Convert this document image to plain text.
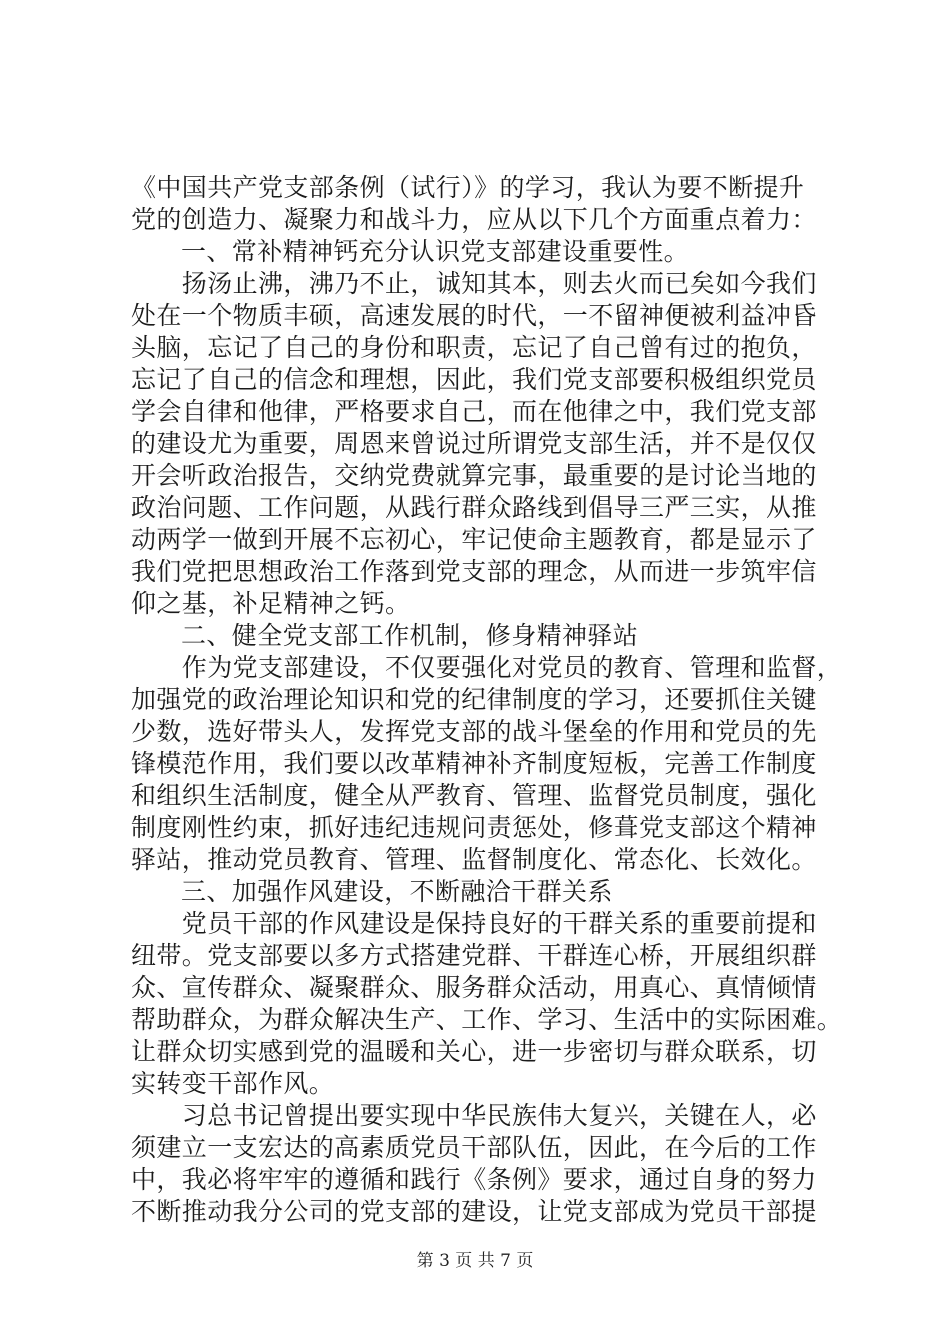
《中国共产党支部条例（试行）》的学习，我认为要不断提升
党的创造力、凝聚力和战斗力，应从以下几个方面重点着力：
一、常补精神钙充分认识党支部建设重要性。
　　扬汤止沸，沸乃不止，诚知其本，则去火而已矣如今我们
处在一个物质丰硕，高速发展的时代，一不留神便被利益冲昏
头脑，忘记了自己的身份和职责，忘记了自己曾有过的抱负，
忘记了自己的信念和理想，因此，我们党支部要积极组织党员
学会自律和他律，严格要求自己，而在他律之中，我们党支部
的建设尤为重要，周恩来曾说过所谓党支部生活，并不是仅仅
开会听政治报告，交纳党费就算完事，最重要的是讨论当地的
政治问题、工作问题，从践行群众路线到倡导三严三实，从推
动两学一做到开展不忘初心，牢记使命主题教育，都是显示了
我们党把思想政治工作落到党支部的理念，从而进一步筑牢信
仰之基，补足精神之钙。
二、健全党支部工作机制，修身精神驿站
　　作为党支部建设，不仅要强化对党员的教育、管理和监督，
加强党的政治理论知识和党的纪律制度的学习，还要抓住关键
少数，选好带头人，发挥党支部的战斗堡垒的作用和党员的先
锋模范作用，我们要以改革精神补齐制度短板，完善工作制度
和组织生活制度，健全从严教育、管理、监督党员制度，强化
制度刚性约束，抓好违纪违规问责惩处，修葺党支部这个精神
驿站，推动党员教育、管理、监督制度化、常态化、长效化。
三、加强作风建设，不断融洽干群关系
　　党员干部的作风建设是保持良好的干群关系的重要前提和
纽带。党支部要以多方式搭建党群、干群连心桥，开展组织群
众、宣传群众、凝聚群众、服务群众活动，用真心、真情倾情
帮助群众，为群众解决生产、工作、学习、生活中的实际困难。
让群众切实感到党的温暖和关心，进一步密切与群众联系，切
实转变干部作风。
　　习总书记曾提出要实现中华民族伟大复兴，关键在人，必
须建立一支宏达的高素质党员干部队伍，因此，在今后的工作
中，我必将牢牢的遵循和践行《条例》要求，通过自身的努力
不断推动我分公司的党支部的建设，让党支部成为党员干部提
第 3 页 共 7 页
